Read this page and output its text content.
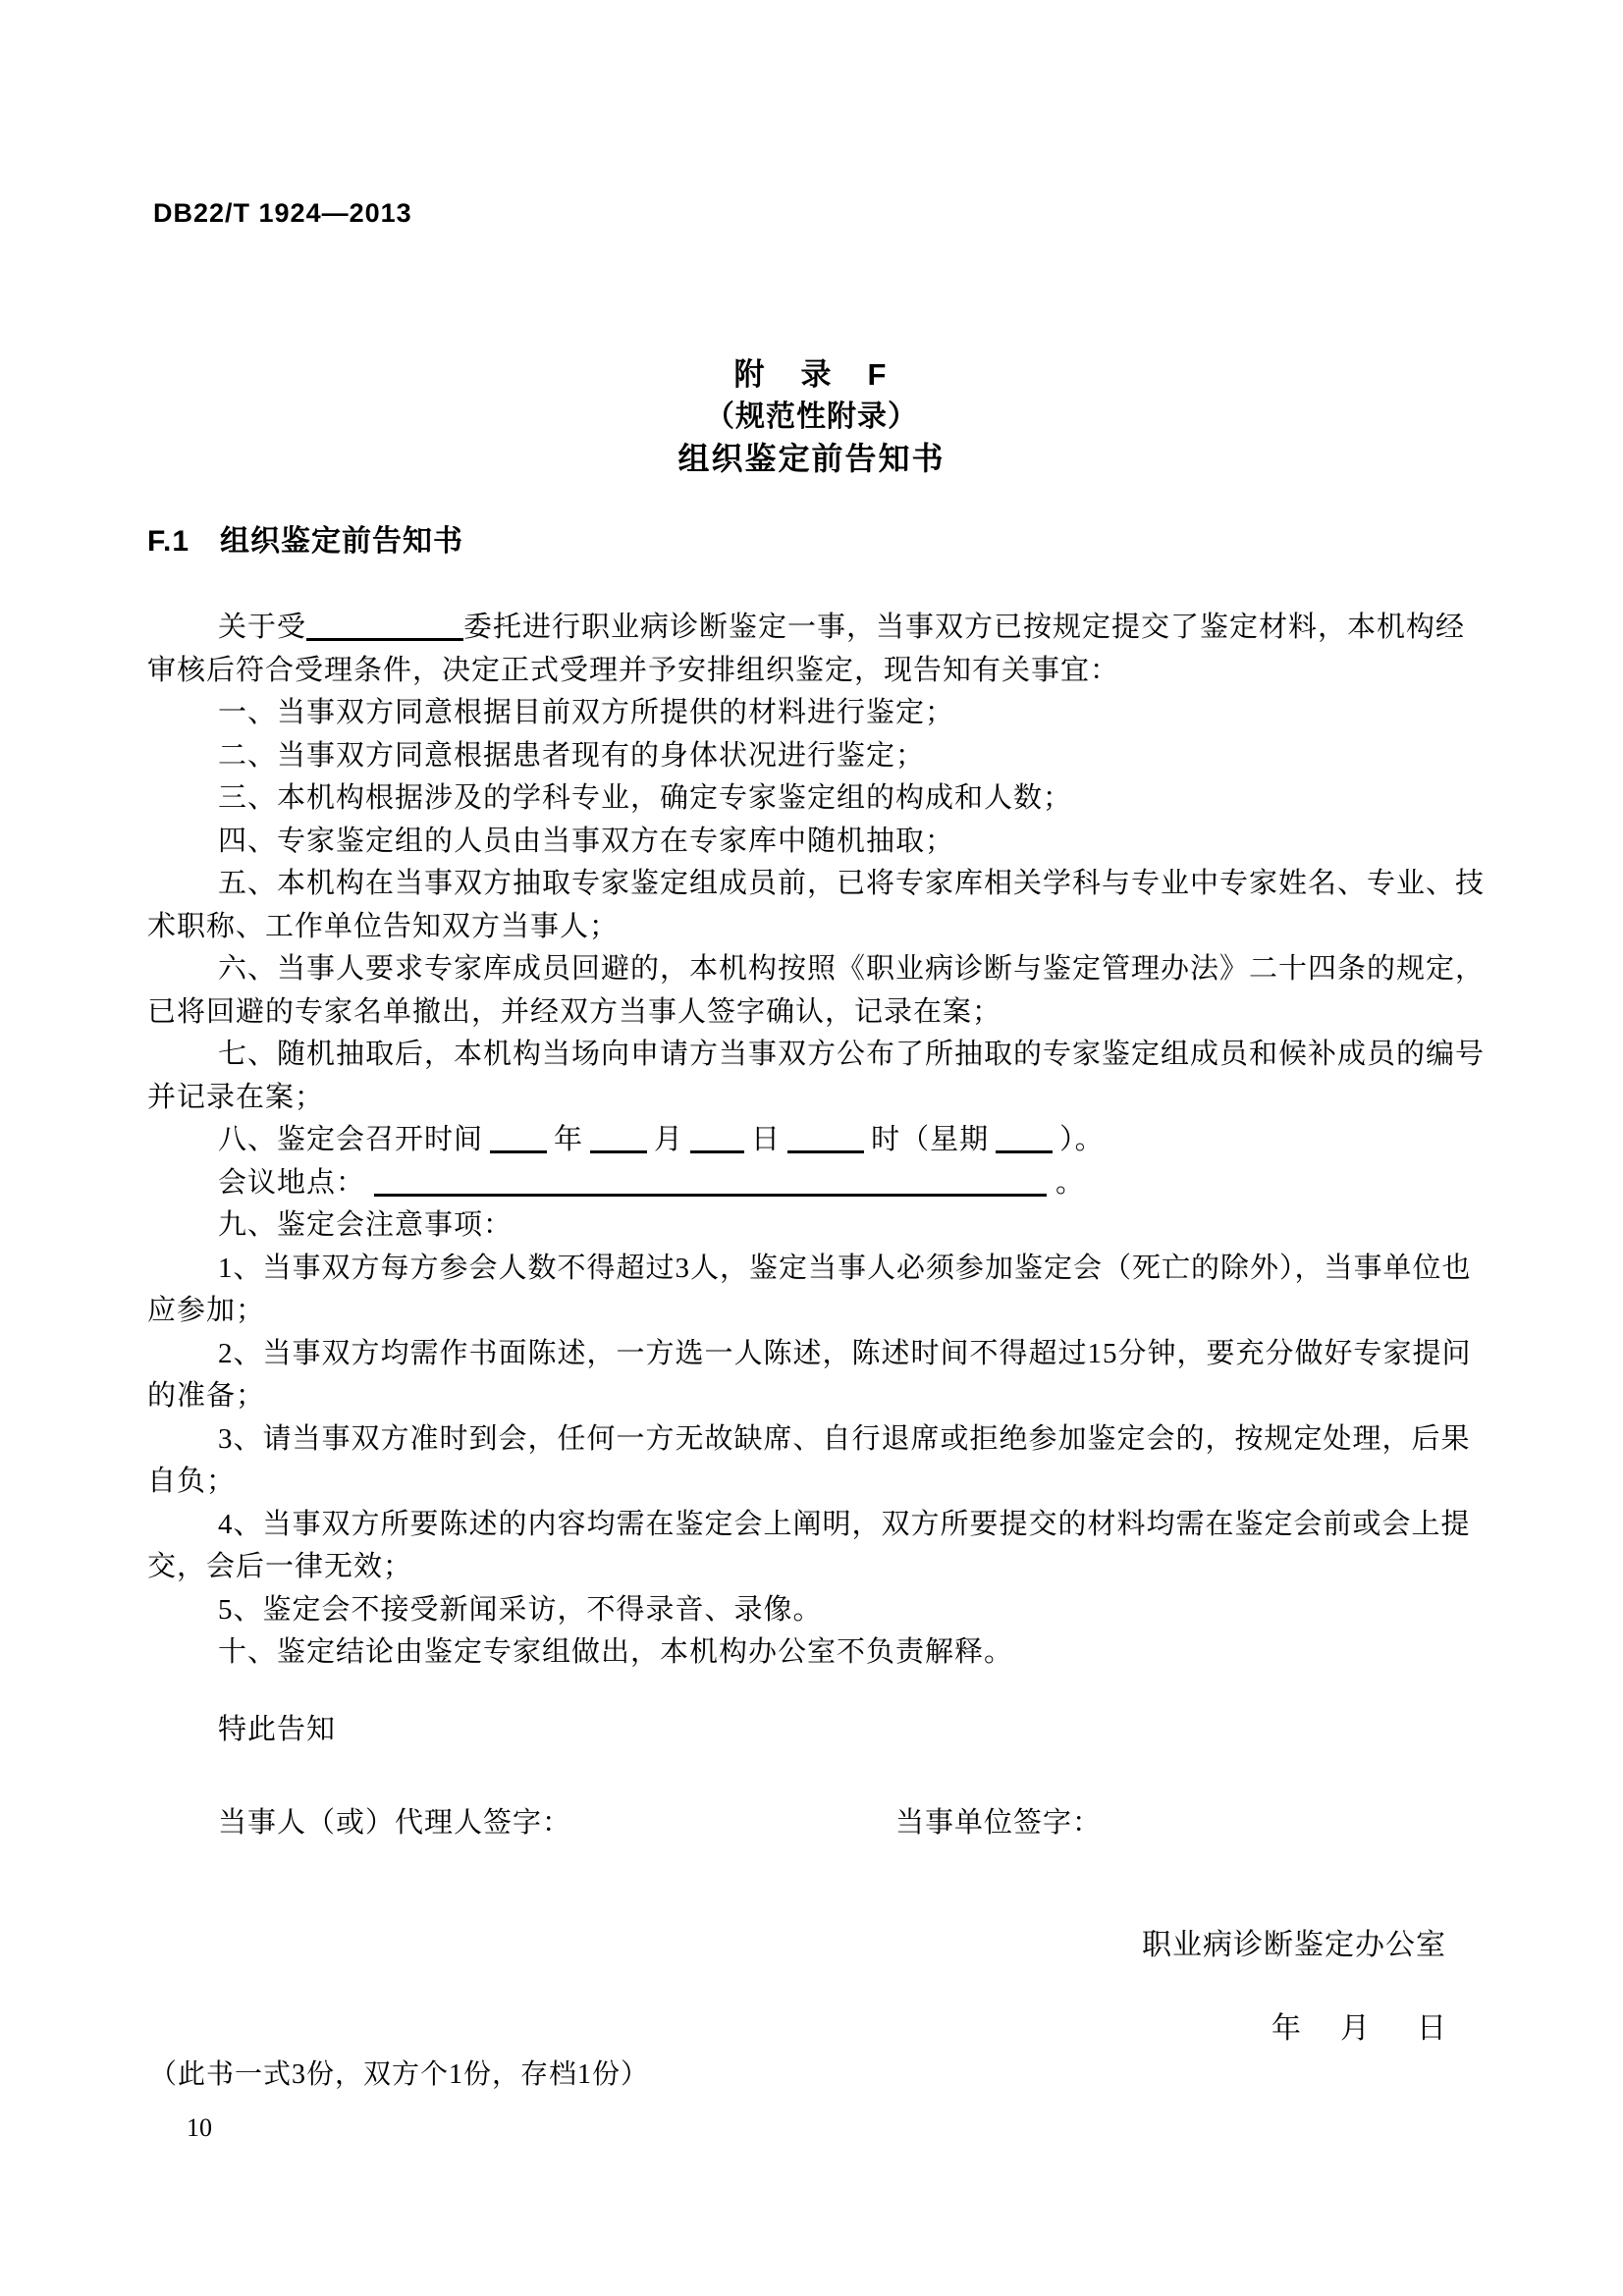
DB22/T 1924—2013
附　录　F
（规范性附录）
组织鉴定前告知书
F.1　组织鉴定前告知书
关于受	委托进行职业病诊断鉴定一事，当事双方已按规定提交了鉴定材料，本机构经
审核后符合受理条件，决定正式受理并予安排组织鉴定，现告知有关事宜：
一、当事双方同意根据目前双方所提供的材料进行鉴定；
二、当事双方同意根据患者现有的身体状况进行鉴定；
三、本机构根据涉及的学科专业，确定专家鉴定组的构成和人数；
四、专家鉴定组的人员由当事双方在专家库中随机抽取；
五、本机构在当事双方抽取专家鉴定组成员前，已将专家库相关学科与专业中专家姓名、专业、技
术职称、工作单位告知双方当事人；
六、当事人要求专家库成员回避的，本机构按照《职业病诊断与鉴定管理办法》二十四条的规定，
已将回避的专家名单撤出，并经双方当事人签字确认，记录在案；
七、随机抽取后，本机构当场向申请方当事双方公布了所抽取的专家鉴定组成员和候补成员的编号
并记录在案；
八、鉴定会召开时间 年 月 日	时（星期 ）。
会议地点：	。
九、鉴定会注意事项：
1、当事双方每方参会人数不得超过3人，鉴定当事人必须参加鉴定会（死亡的除外），当事单位也
应参加；
2、当事双方均需作书面陈述，一方选一人陈述，陈述时间不得超过15分钟，要充分做好专家提问
的准备；
3、请当事双方准时到会，任何一方无故缺席、自行退席或拒绝参加鉴定会的，按规定处理，后果
自负；
4、当事双方所要陈述的内容均需在鉴定会上阐明，双方所要提交的材料均需在鉴定会前或会上提
交，会后一律无效；
5、鉴定会不接受新闻采访，不得录音、录像。
十、鉴定结论由鉴定专家组做出，本机构办公室不负责解释。
特此告知
当事人（或）代理人签字：	当事单位签字：
职业病诊断鉴定办公室
年 月 日
（此书一式3份，双方个1份，存档1份）
10
